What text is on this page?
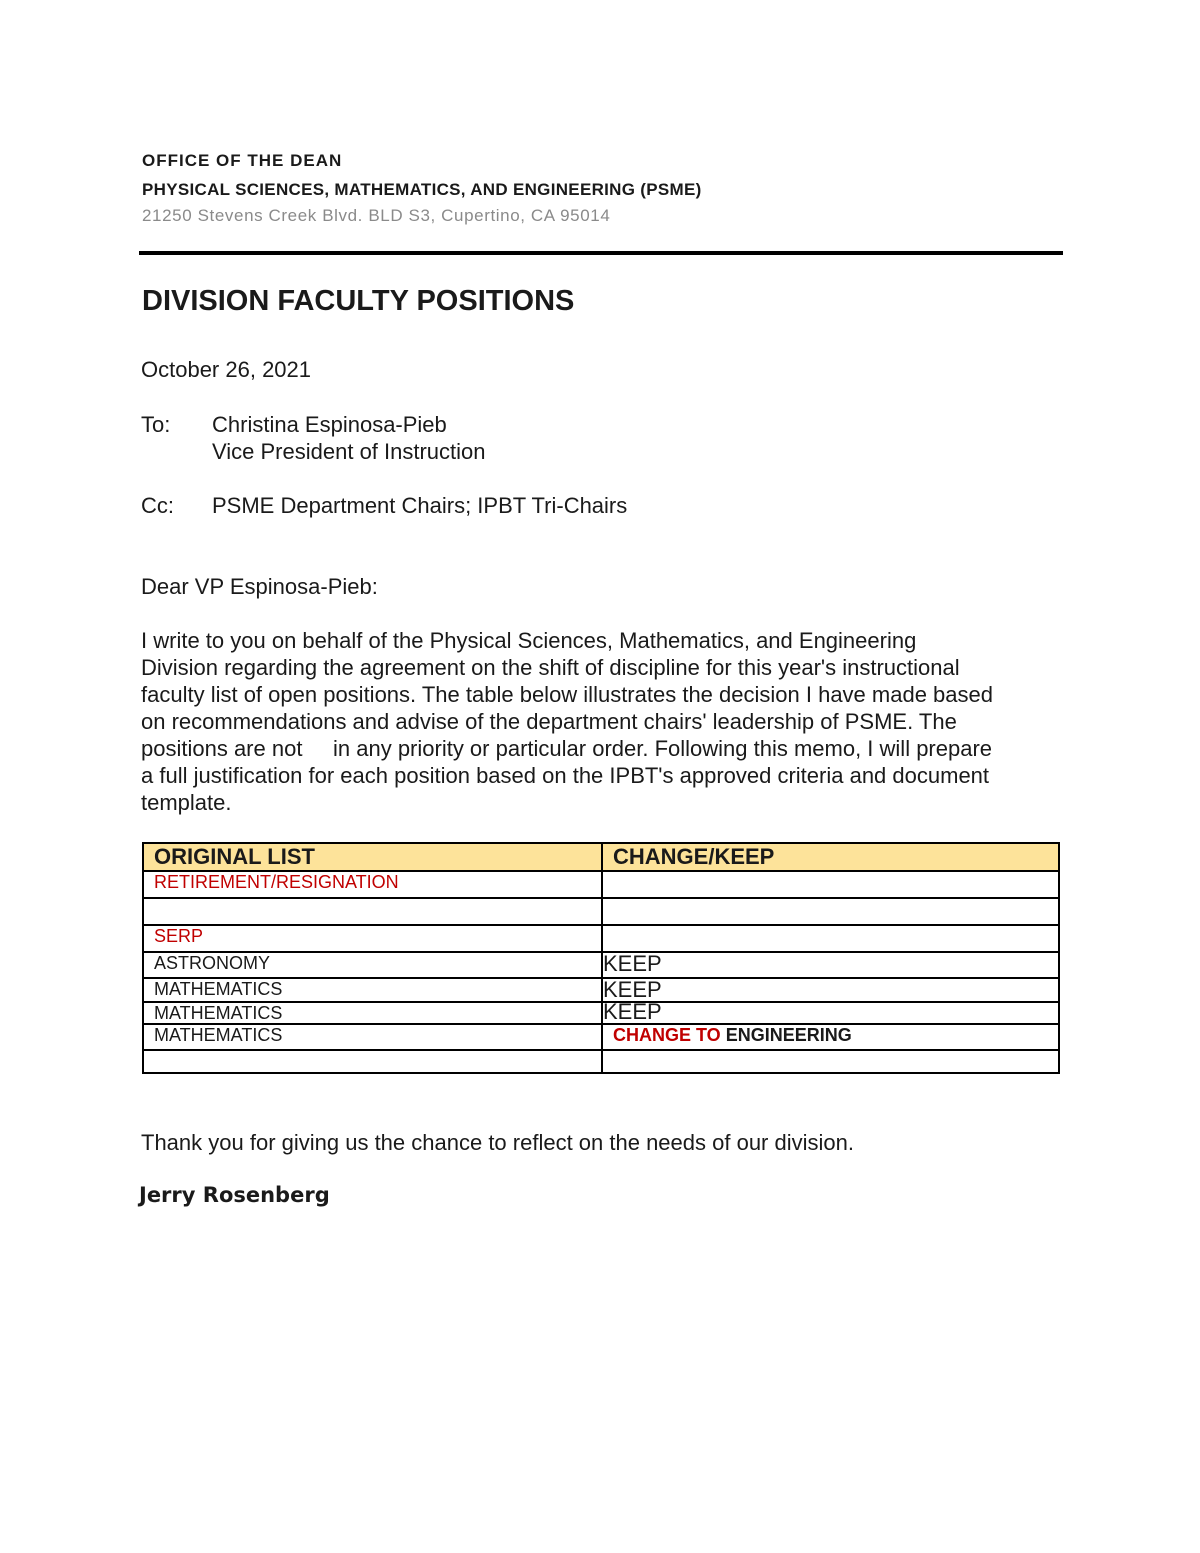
OFFICE OF THE DEAN
PHYSICAL SCIENCES, MATHEMATICS, AND ENGINEERING (PSME)
21250 Stevens Creek Blvd. BLD S3, Cupertino, CA 95014
DIVISION FACULTY POSITIONS
October 26, 2021
To: Christina Espinosa-Pieb
Vice President of Instruction
Cc: PSME Department Chairs; IPBT Tri-Chairs
Dear VP Espinosa-Pieb:

I write to you on behalf of the Physical Sciences, Mathematics, and Engineering

Division regarding the agreement on the shift of discipline for this year's instructional

faculty list of open positions. The table below illustrates the decision I have made based

on recommendations and advise of the department chairs' leadership of PSME. The

positions are not     in any priority or particular order. Following this memo, I will prepare

a full justification for each position based on the IPBT's approved criteria and document

template.

ORIGINAL LIST	CHANGE/KEEP
RETIREMENT/RESIGNATION	

SERP	
ASTRONOMY	KEEP
MATHEMATICS	KEEP
MATHEMATICS	KEEP
MATHEMATICS	CHANGE TO ENGINEERING

Thank you for giving us the chance to reflect on the needs of our division.
Jerry Rosenberg
